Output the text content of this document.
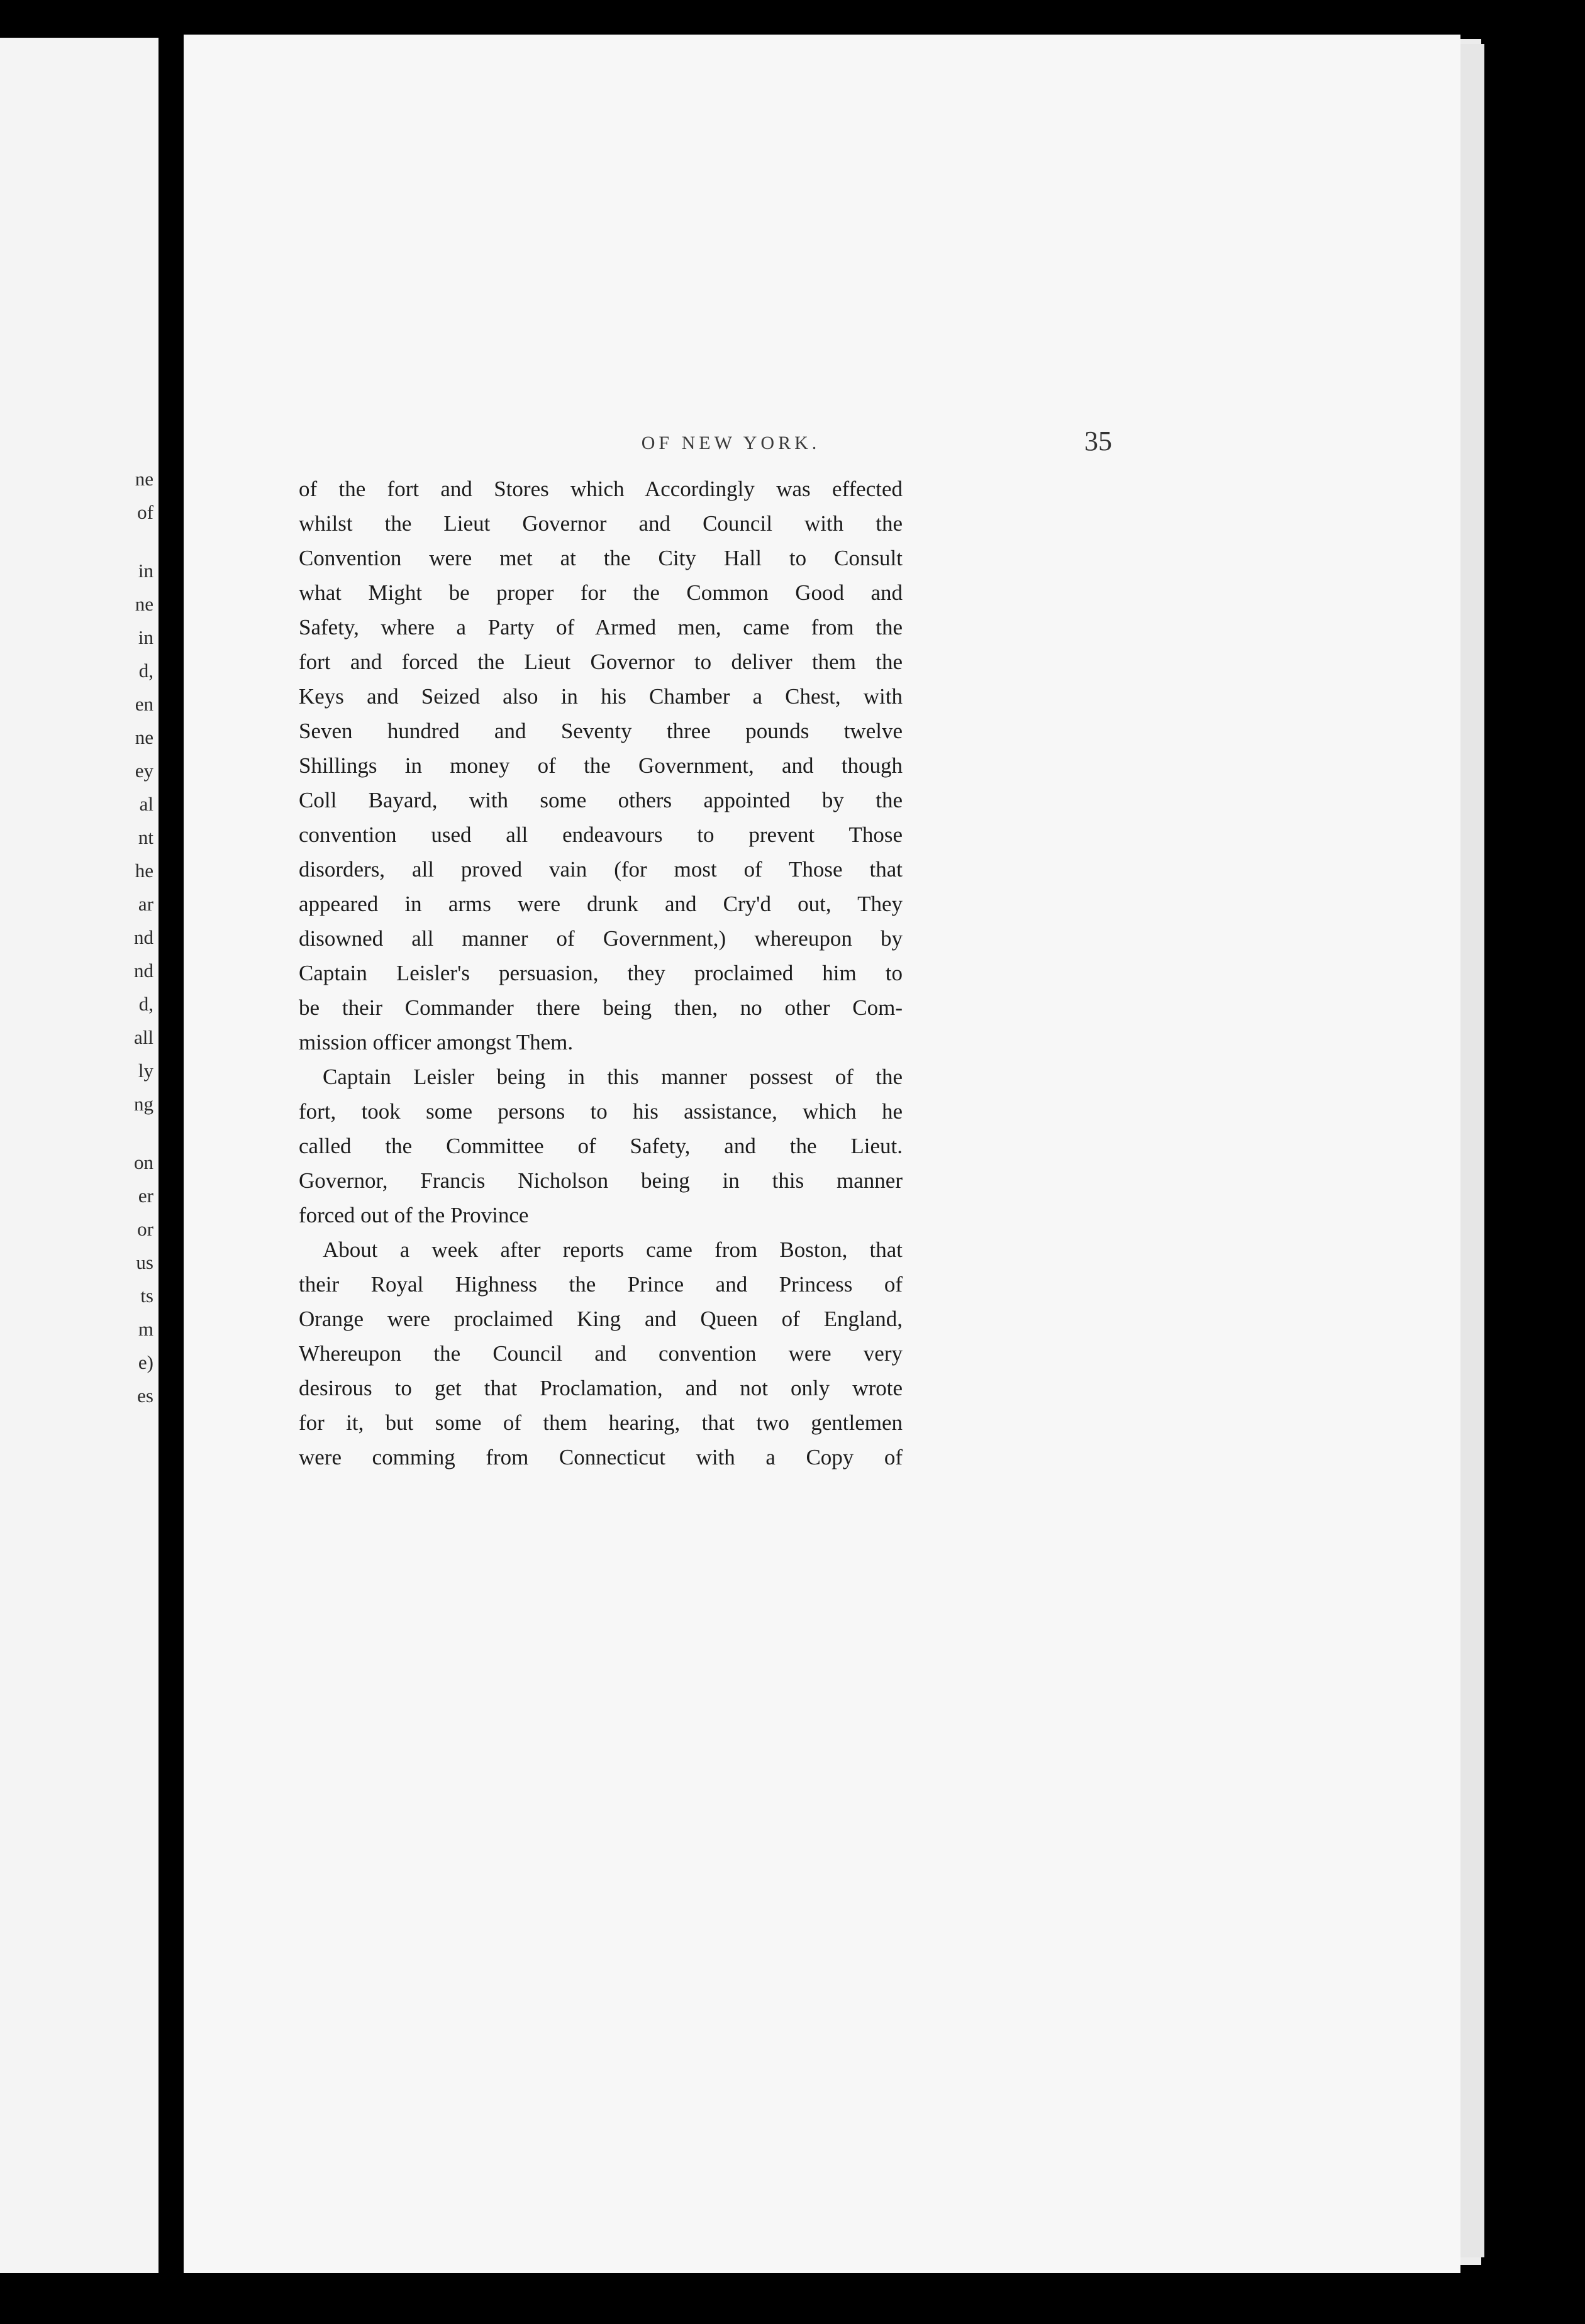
ne
of
in
ne
in
d,
en
ne
ey
al
nt
he
ar
nd
nd
d,
all
ly
ng
on
er
or
us
ts
m
e)
es
OF NEW YORK.	35
of the fort and Stores which Accordingly was effected
whilst the Lieut Governor and Council with the
Convention were met at the City Hall to Consult
what Might be proper for the Common Good and
Safety, where a Party of Armed men, came from the
fort and forced the Lieut Governor to deliver them the
Keys and Seized also in his Chamber a Chest, with
Seven hundred and Seventy three pounds twelve
Shillings in money of the Government, and though
Coll Bayard, with some others appointed by the
convention used all endeavours to prevent Those
disorders, all proved vain (for most of Those that
appeared in arms were drunk and Cry'd out, They
disowned all manner of Government,) whereupon by
Captain Leisler's persuasion, they proclaimed him to
be their Commander there being then, no other Com-
mission officer amongst Them.
Captain Leisler being in this manner possest of the
fort, took some persons to his assistance, which he
called the Committee of Safety, and the Lieut.
Governor, Francis Nicholson being in this manner
forced out of the Province
About a week after reports came from Boston, that
their Royal Highness the Prince and Princess of
Orange were proclaimed King and Queen of England,
Whereupon the Council and convention were very
desirous to get that Proclamation, and not only wrote
for it, but some of them hearing, that two gentlemen
were comming from Connecticut with a Copy of
